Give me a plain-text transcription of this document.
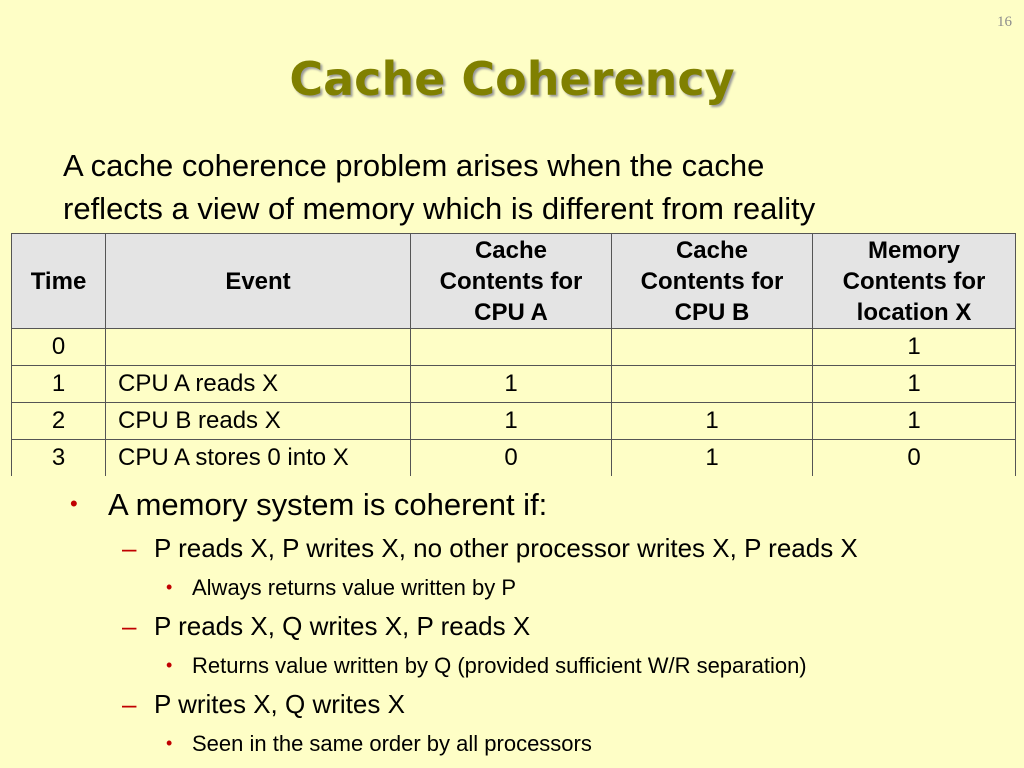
16
Cache Coherency
A cache coherence problem arises when the cache
reflects a view of memory which is different from reality
Time	Event	Cache
Contents for
CPU A	Cache
Contents for
CPU B	Memory
Contents for
location X
0				1
1	CPU A reads X	1		1
2	CPU B reads X	1	1	1
3	CPU A stores 0 into X	0	1	0
• A memory system is coherent if:
– P reads X, P writes X, no other processor writes X, P reads X
• Always returns value written by P
– P reads X, Q writes X, P reads X
• Returns value written by Q (provided sufficient W/R separation)
– P writes X, Q writes X
• Seen in the same order by all processors
